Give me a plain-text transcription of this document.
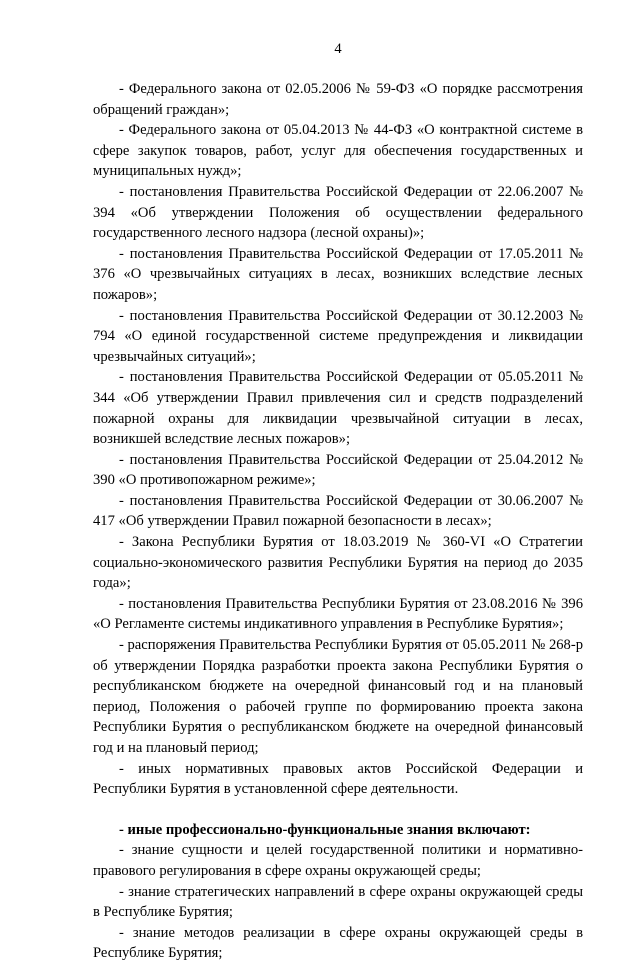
4

- Федерального закона от 02.05.2006 № 59-ФЗ «О порядке рассмотрения обращений граждан»;

- Федерального закона от 05.04.2013 № 44-ФЗ «О контрактной системе в сфере закупок товаров, работ, услуг для обеспечения государственных и муниципальных нужд»;

- постановления Правительства Российской Федерации от 22.06.2007 № 394 «Об утверждении Положения об осуществлении федерального государственного лесного надзора (лесной охраны)»;

- постановления Правительства Российской Федерации от 17.05.2011 № 376 «О чрезвычайных ситуациях в лесах, возникших вследствие лесных пожаров»;

- постановления Правительства Российской Федерации от 30.12.2003 № 794 «О единой государственной системе предупреждения и ликвидации чрезвычайных ситуаций»;

- постановления Правительства Российской Федерации от 05.05.2011 № 344 «Об утверждении Правил привлечения сил и средств подразделений пожарной охраны для ликвидации чрезвычайной ситуации в лесах, возникшей вследствие лесных пожаров»;

- постановления Правительства Российской Федерации от 25.04.2012 № 390 «О противопожарном режиме»;

- постановления Правительства Российской Федерации от 30.06.2007 № 417 «Об утверждении Правил пожарной безопасности в лесах»;

- Закона Республики Бурятия от 18.03.2019 № 360-VI «О Стратегии социально-экономического развития Республики Бурятия на период до 2035 года»;

- постановления Правительства Республики Бурятия от 23.08.2016 № 396 «О Регламенте системы индикативного управления в Республике Бурятия»;

- распоряжения Правительства Республики Бурятия от 05.05.2011 № 268-р об утверждении Порядка разработки проекта закона Республики Бурятия о республиканском бюджете на очередной финансовый год и на плановый период, Положения о рабочей группе по формированию проекта закона Республики Бурятия о республиканском бюджете на очередной финансовый год и на плановый период;

- иных нормативных правовых актов Российской Федерации и Республики Бурятия в установленной сфере деятельности.

- иные профессионально-функциональные знания включают:

- знание сущности и целей государственной политики и нормативно-правового регулирования в сфере охраны окружающей среды;

- знание стратегических направлений в сфере охраны окружающей среды в Республике Бурятия;

- знание методов реализации в сфере охраны окружающей среды в Республике Бурятия;
